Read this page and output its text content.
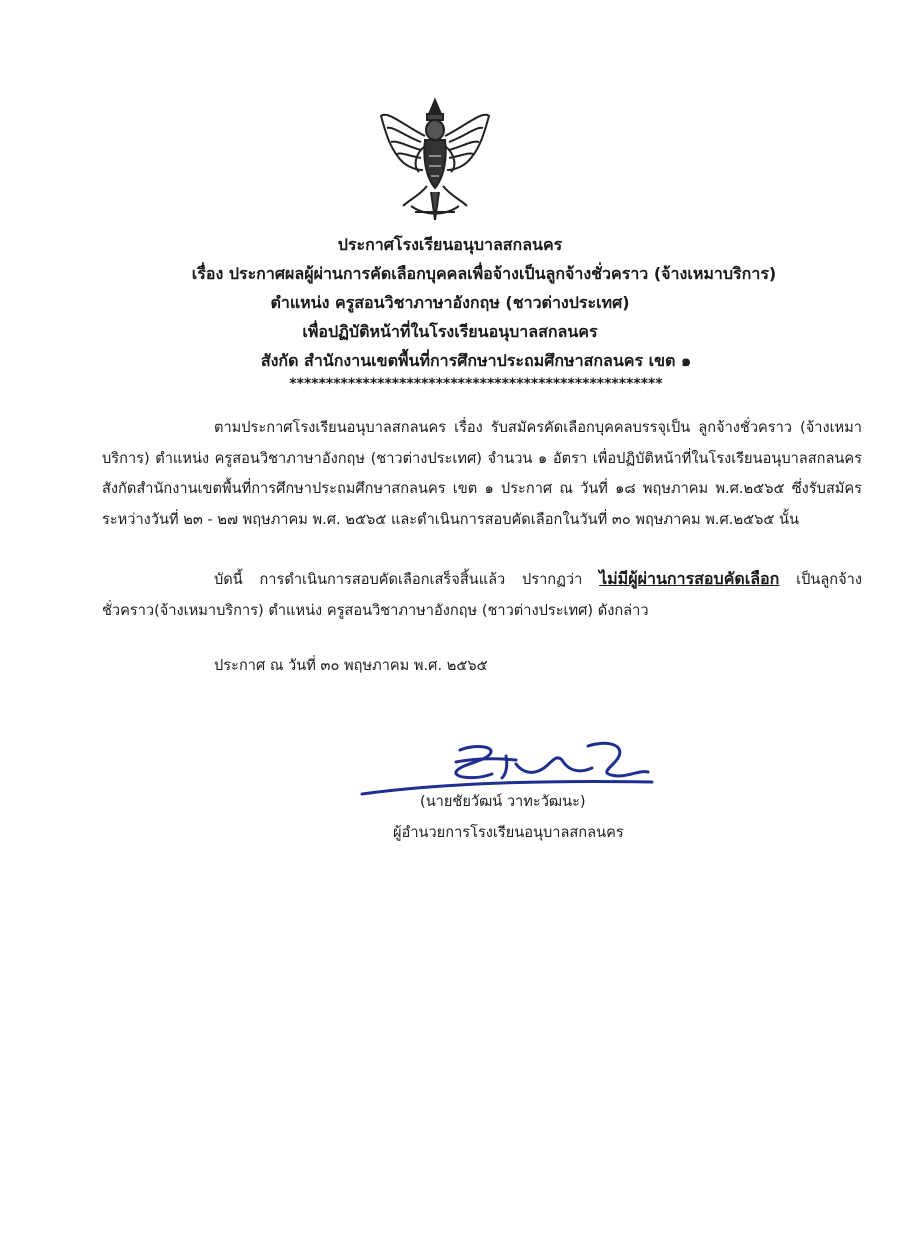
ประกาศโรงเรียนอนุบาลสกลนคร
เรื่อง ประกาศผลผู้ผ่านการคัดเลือกบุคคลเพื่อจ้างเป็นลูกจ้างชั่วคราว (จ้างเหมาบริการ)
ตำแหน่ง ครูสอนวิชาภาษาอังกฤษ (ชาวต่างประเทศ)
เพื่อปฏิบัติหน้าที่ในโรงเรียนอนุบาลสกลนคร
สังกัด สำนักงานเขตพื้นที่การศึกษาประถมศึกษาสกลนคร เขต ๑
***************************************************
ตามประกาศโรงเรียนอนุบาลสกลนคร เรื่อง รับสมัครคัดเลือกบุคคลบรรจุเป็น ลูกจ้างชั่วคราว (จ้างเหมาบริการ) ตำแหน่ง ครูสอนวิชาภาษาอังกฤษ (ชาวต่างประเทศ) จำนวน ๑ อัตรา เพื่อปฏิบัติหน้าที่ในโรงเรียนอนุบาลสกลนคร สังกัดสำนักงานเขตพื้นที่การศึกษาประถมศึกษาสกลนคร เขต ๑ ประกาศ ณ วันที่ ๑๘ พฤษภาคม พ.ศ.๒๕๖๕ ซึ่งรับสมัครระหว่างวันที่ ๒๓ - ๒๗ พฤษภาคม พ.ศ. ๒๕๖๕ และดำเนินการสอบคัดเลือกในวันที่ ๓๐ พฤษภาคม พ.ศ.๒๕๖๕ นั้น
บัดนี้ การดำเนินการสอบคัดเลือกเสร็จสิ้นแล้ว ปรากฏว่า ไม่มีผู้ผ่านการสอบคัดเลือก เป็นลูกจ้างชั่วคราว(จ้างเหมาบริการ) ตำแหน่ง ครูสอนวิชาภาษาอังกฤษ (ชาวต่างประเทศ) ดังกล่าว
ประกาศ ณ วันที่ ๓๐ พฤษภาคม พ.ศ. ๒๕๖๕
(นายชัยวัฒน์ วาทะวัฒนะ)
ผู้อำนวยการโรงเรียนอนุบาลสกลนคร
